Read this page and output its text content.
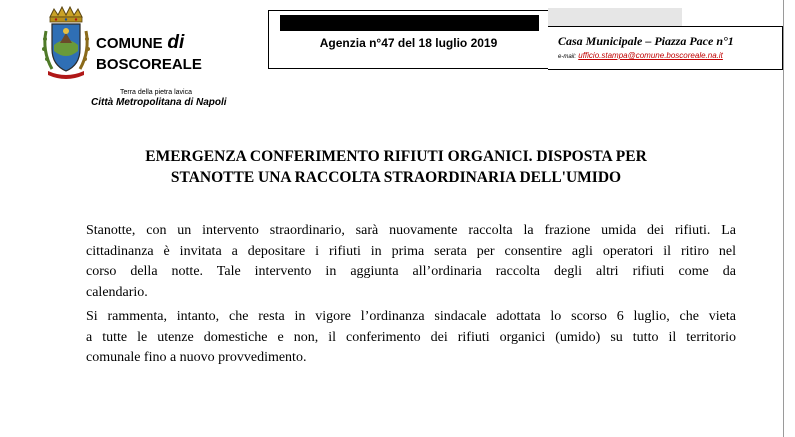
COMUNE di
BOSCOREALE
Terra della pietra lavica
Città Metropolitana di Napoli
Agenzia n°47 del 18 luglio 2019	Casa Municipale – Piazza Pace n°1
e-mail: ufficio.stampa@comune.boscoreale.na.it
EMERGENZA CONFERIMENTO RIFIUTI ORGANICI. DISPOSTA PER
STANOTTE UNA RACCOLTA STRAORDINARIA DELL'UMIDO
Stanotte, con un intervento straordinario, sarà nuovamente raccolta la frazione umida dei rifiuti. La
cittadinanza è invitata a depositare i rifiuti in prima serata per consentire agli operatori il ritiro nel
corso della notte. Tale intervento in aggiunta all’ordinaria raccolta degli altri rifiuti come da
calendario.
Si rammenta, intanto, che resta in vigore l’ordinanza sindacale adottata lo scorso 6 luglio, che vieta
a tutte le utenze domestiche e non, il conferimento dei rifiuti organici (umido) su tutto il territorio
comunale fino a nuovo provvedimento.
